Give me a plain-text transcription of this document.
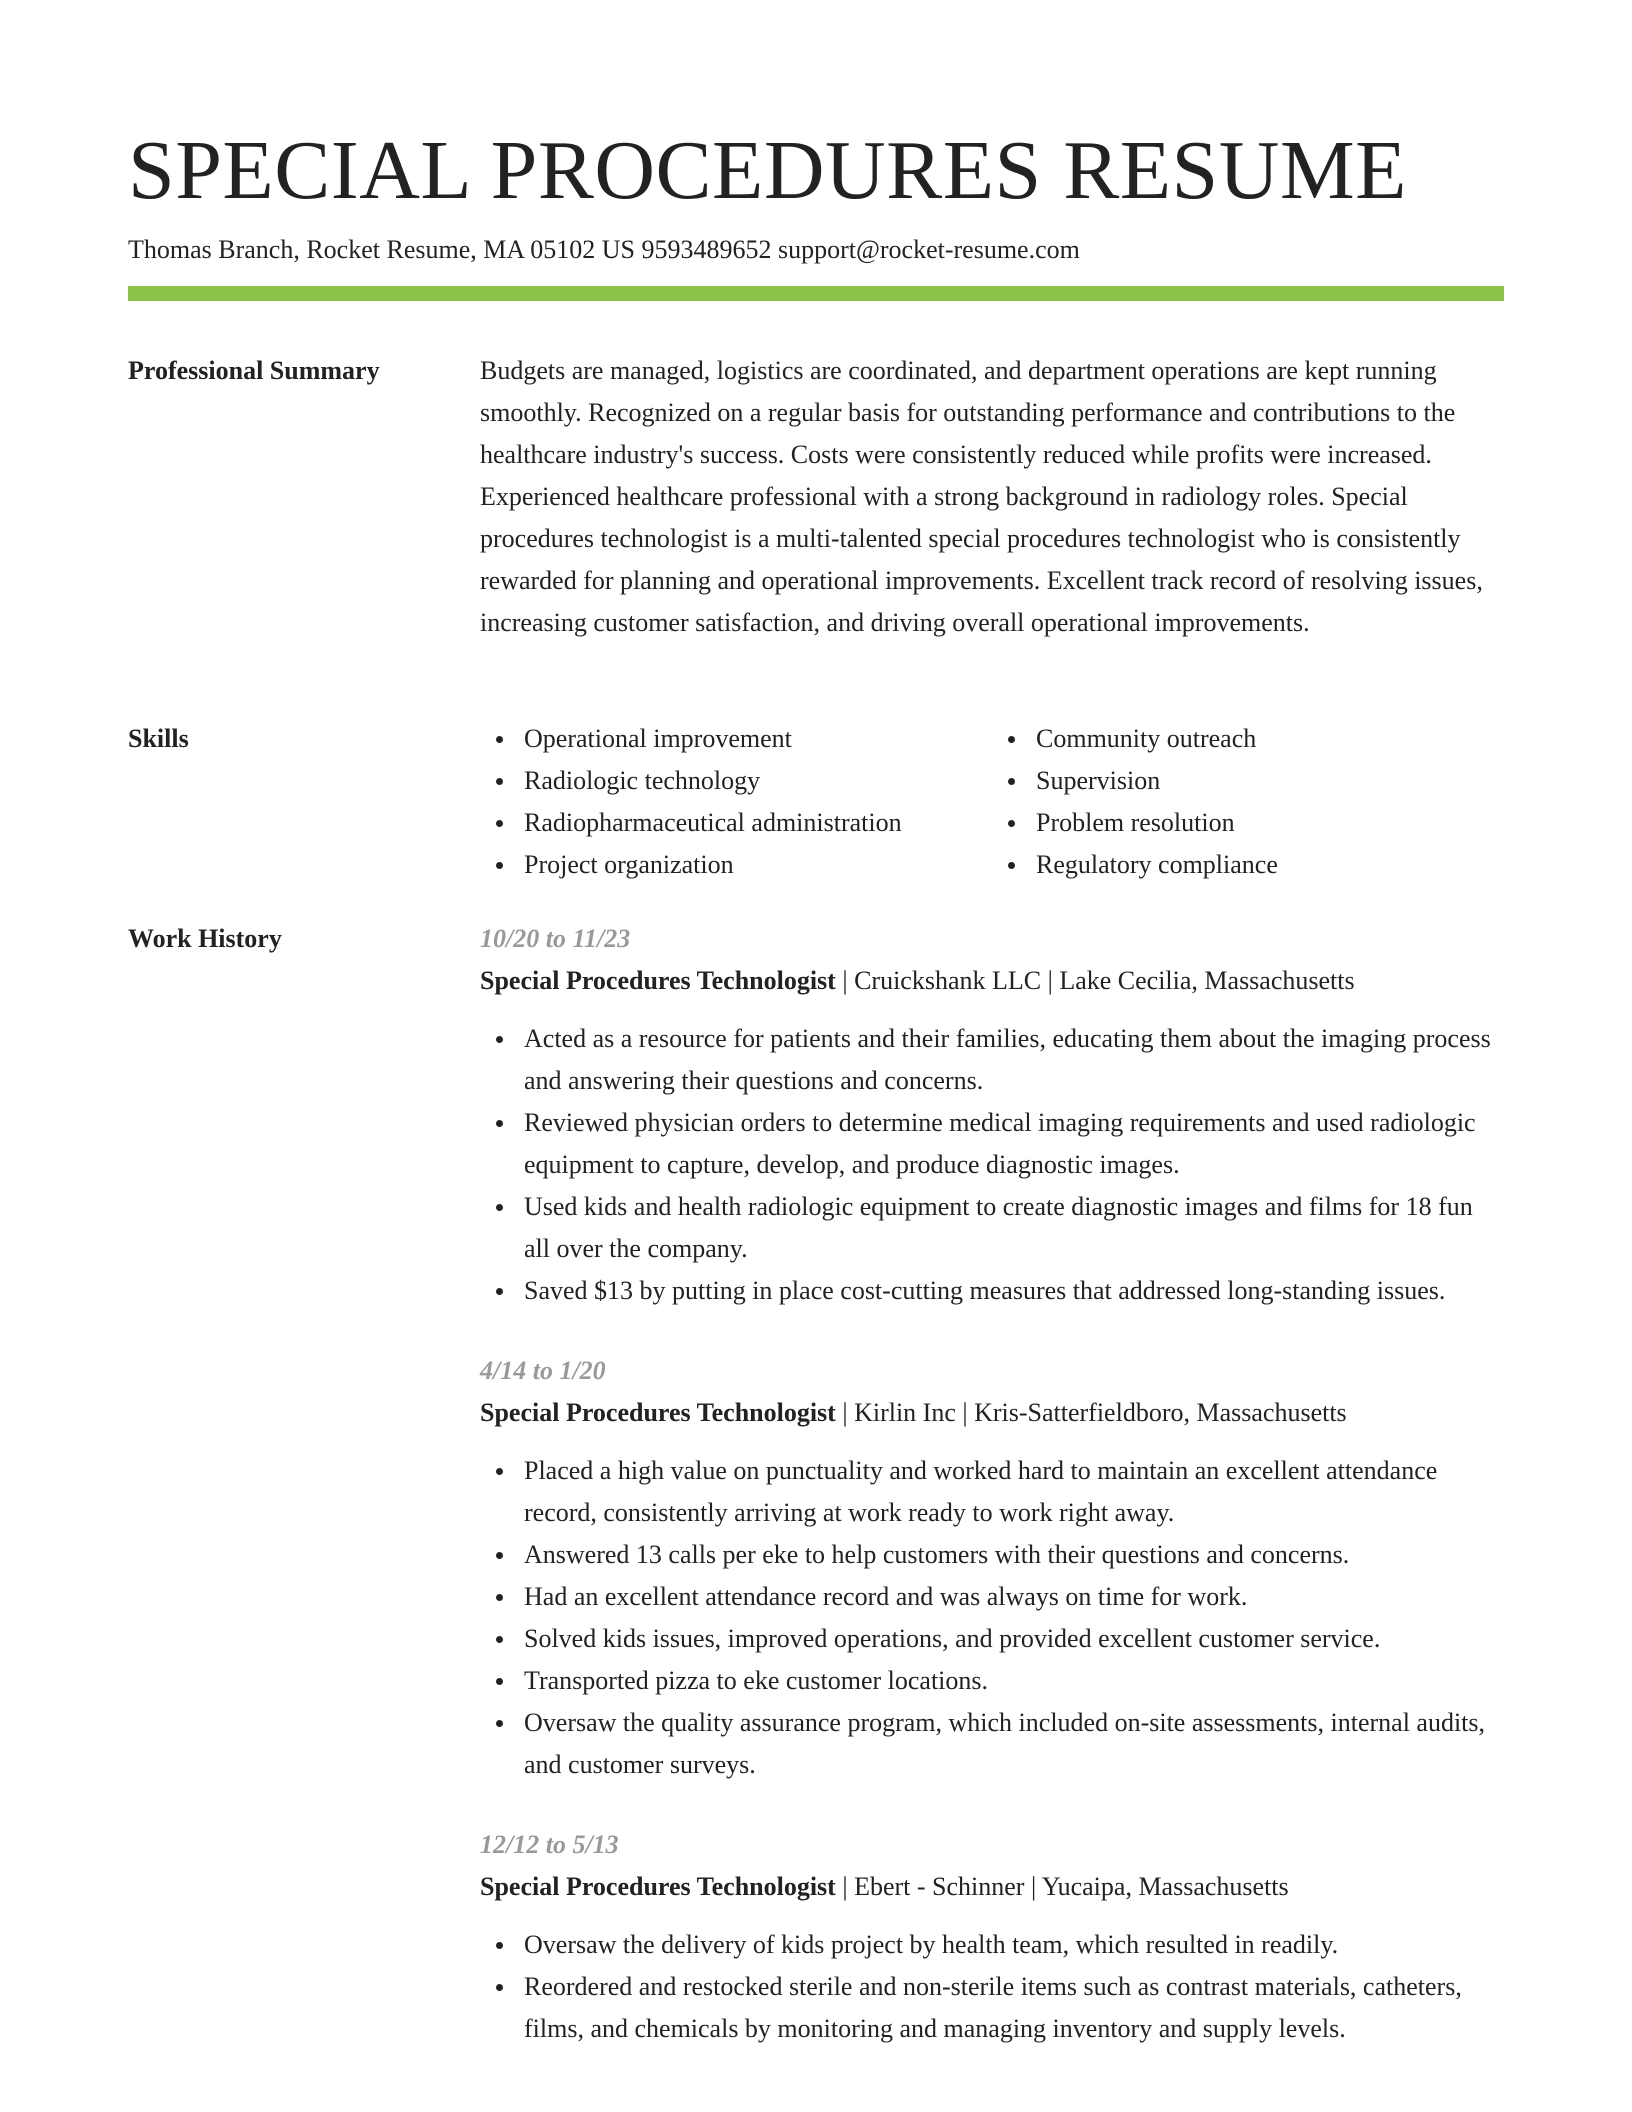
SPECIAL PROCEDURES RESUME
Thomas Branch, Rocket Resume, MA 05102 US 9593489652 support@rocket-resume.com
Professional Summary	Budgets are managed, logistics are coordinated, and department operations are kept running smoothly. Recognized on a regular basis for outstanding performance and contributions to the healthcare industry's success. Costs were consistently reduced while profits were increased. Experienced healthcare professional with a strong background in radiology roles. Special procedures technologist is a multi-talented special procedures technologist who is consistently rewarded for planning and operational improvements. Excellent track record of resolving issues, increasing customer satisfaction, and driving overall operational improvements.

Skills	Operational improvement
Radiologic technology
Radiopharmaceutical administration
Project organization
Community outreach
Supervision
Problem resolution
Regulatory compliance
Work History	10/20 to 11/23
Special Procedures Technologist | Cruickshank LLC | Lake Cecilia, Massachusetts
Acted as a resource for patients and their families, educating them about the imaging process and answering their questions and concerns.
Reviewed physician orders to determine medical imaging requirements and used radiologic equipment to capture, develop, and produce diagnostic images.
Used kids and health radiologic equipment to create diagnostic images and films for 18 fun all over the company.
Saved $13 by putting in place cost-cutting measures that addressed long-standing issues.
4/14 to 1/20
Special Procedures Technologist | Kirlin Inc | Kris-Satterfieldboro, Massachusetts
Placed a high value on punctuality and worked hard to maintain an excellent attendance record, consistently arriving at work ready to work right away.
Answered 13 calls per eke to help customers with their questions and concerns.
Had an excellent attendance record and was always on time for work.
Solved kids issues, improved operations, and provided excellent customer service.
Transported pizza to eke customer locations.
Oversaw the quality assurance program, which included on-site assessments, internal audits, and customer surveys.
12/12 to 5/13
Special Procedures Technologist | Ebert - Schinner | Yucaipa, Massachusetts
Oversaw the delivery of kids project by health team, which resulted in readily.
Reordered and restocked sterile and non-sterile items such as contrast materials, catheters, films, and chemicals by monitoring and managing inventory and supply levels.
